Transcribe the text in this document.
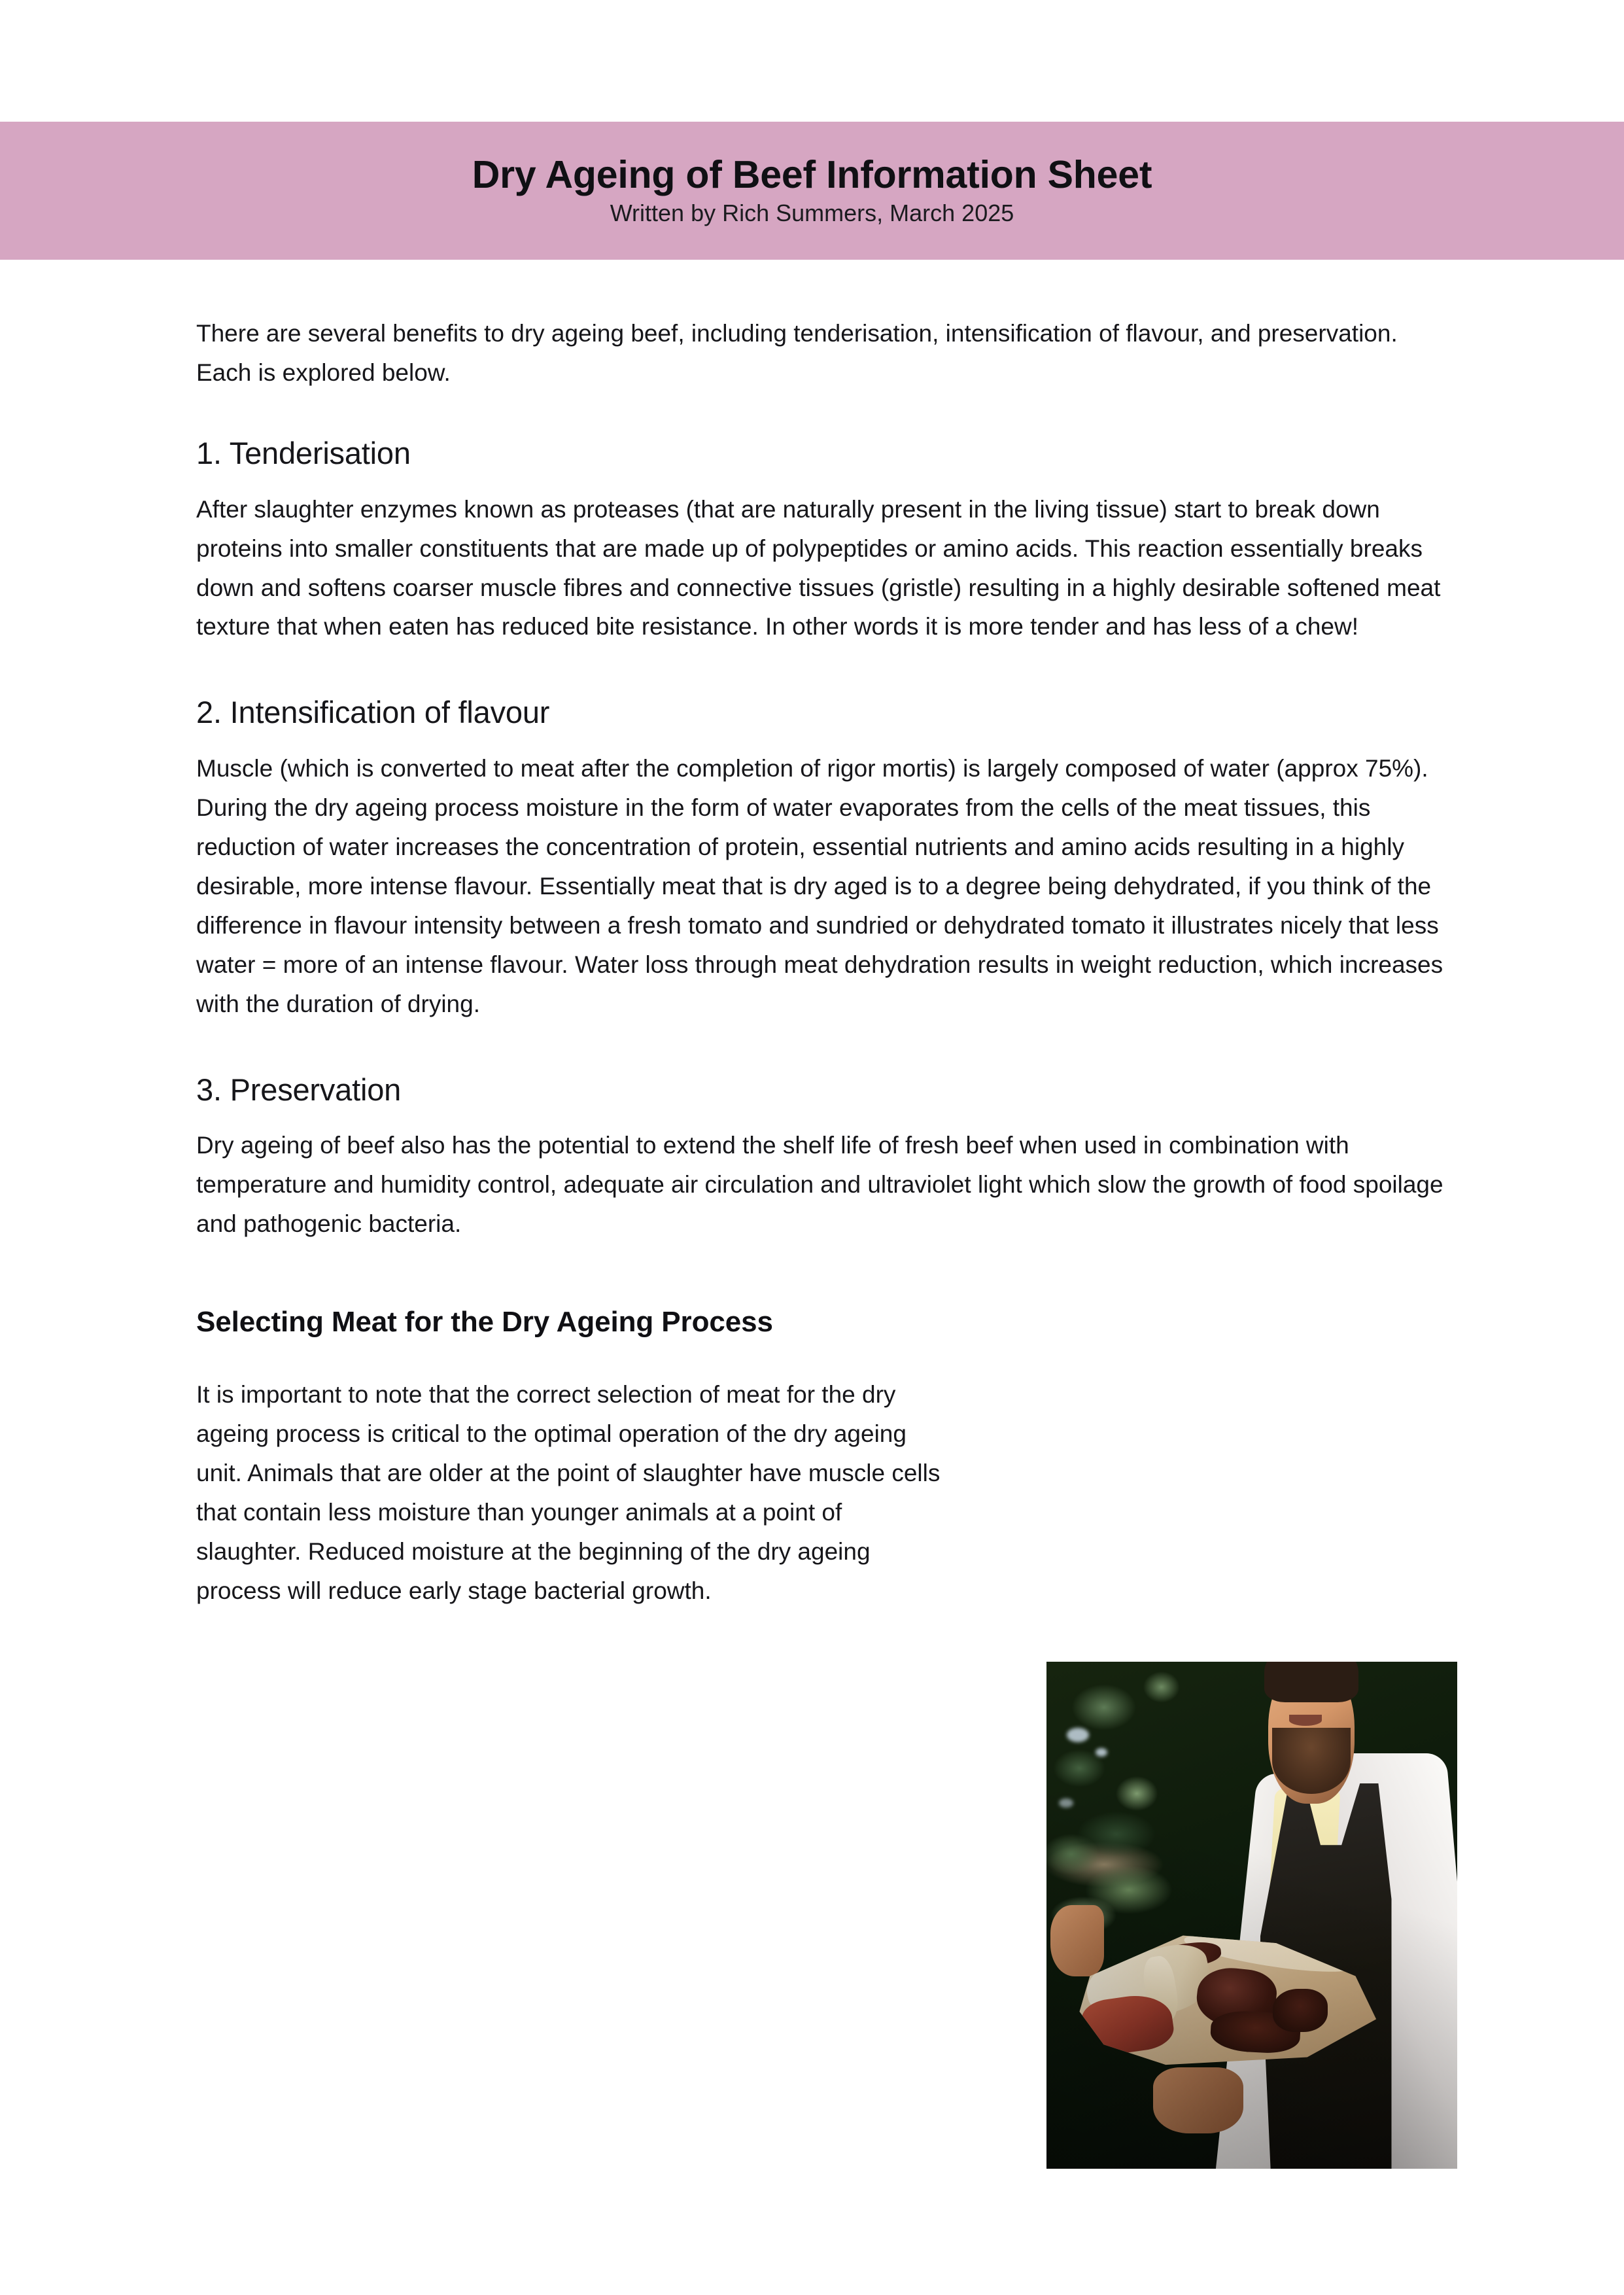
Dry Ageing of Beef Information Sheet
Written by Rich Summers, March 2025

There are several benefits to dry ageing beef, including tenderisation, intensification of flavour, and preservation. Each is explored below.

1. Tenderisation

After slaughter enzymes known as proteases (that are naturally present in the living tissue) start to break down proteins into smaller constituents that are made up of polypeptides or amino acids. This reaction essentially breaks down and softens coarser muscle fibres and connective tissues (gristle) resulting in a highly desirable softened meat texture that when eaten has reduced bite resistance. In other words it is more tender and has less of a chew!

2. Intensification of flavour

Muscle (which is converted to meat after the completion of rigor mortis) is largely composed of water (approx 75%). During the dry ageing process moisture in the form of water evaporates from the cells of the meat tissues, this reduction of water increases the concentration of protein, essential nutrients and amino acids resulting in a highly desirable, more intense flavour. Essentially meat that is dry aged is to a degree being dehydrated, if you think of the difference in flavour intensity between a fresh tomato and sundried or dehydrated tomato it illustrates nicely that less water = more of an intense flavour. Water loss through meat dehydration results in weight reduction, which increases with the duration of drying.

3. Preservation

Dry ageing of beef also has the potential to extend the shelf life of fresh beef when used in combination with temperature and humidity control, adequate air circulation and ultraviolet light which slow the growth of food spoilage and pathogenic bacteria.

Selecting Meat for the Dry Ageing Process

It is important to note that the correct selection of meat for the dry ageing process is critical to the optimal operation of the dry ageing unit. Animals that are older at the point of slaughter have muscle cells that contain less moisture than younger animals at a point of slaughter. Reduced moisture at the beginning of the dry ageing process will reduce early stage bacterial growth.
